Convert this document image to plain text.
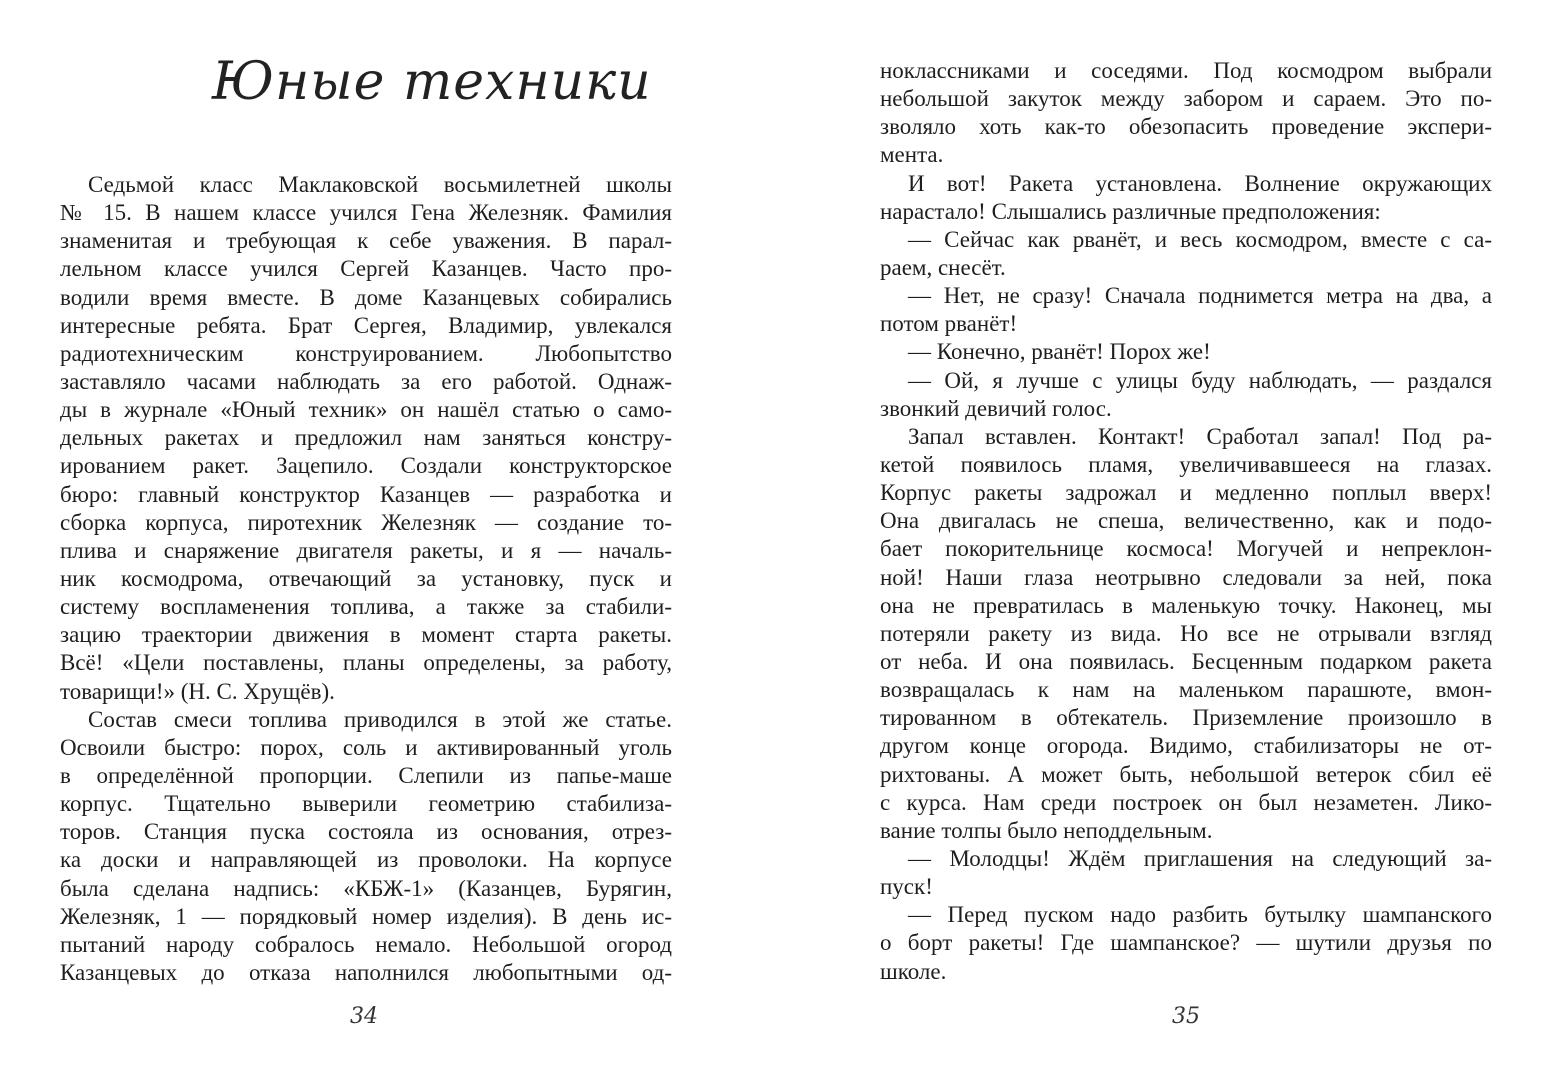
Юные техники
Седьмой класс Маклаковской восьмилетней школы
№ 15. В нашем классе учился Гена Железняк. Фамилия
знаменитая и требующая к себе уважения. В парал-
лельном классе учился Сергей Казанцев. Часто про-
водили время вместе. В доме Казанцевых собирались
интересные ребята. Брат Сергея, Владимир, увлекался
радиотехническим конструированием. Любопытство
заставляло часами наблюдать за его работой. Однаж-
ды в журнале «Юный техник» он нашёл статью о само-
дельных ракетах и предложил нам заняться констру-
ированием ракет. Зацепило. Создали конструкторское
бюро: главный конструктор Казанцев — разработка и
сборка корпуса, пиротехник Железняк — создание то-
плива и снаряжение двигателя ракеты, и я — началь-
ник космодрома, отвечающий за установку, пуск и
систему воспламенения топлива, а также за стабили-
зацию траектории движения в момент старта ракеты.
Всё! «Цели поставлены, планы определены, за работу,
товарищи!» (Н. С. Хрущёв).
Состав смеси топлива приводился в этой же статье.
Освоили быстро: порох, соль и активированный уголь
в определённой пропорции. Слепили из папье-маше
корпус. Тщательно выверили геометрию стабилиза-
торов. Станция пуска состояла из основания, отрез-
ка доски и направляющей из проволоки. На корпусе
была сделана надпись: «КБЖ-1» (Казанцев, Бурягин,
Железняк, 1 — порядковый номер изделия). В день ис-
пытаний народу собралось немало. Небольшой огород
Казанцевых до отказа наполнился любопытными од-
34
ноклассниками и соседями. Под космодром выбрали
небольшой закуток между забором и сараем. Это по-
зволяло хоть как-то обезопасить проведение экспери-
мента.
И вот! Ракета установлена. Волнение окружающих
нарастало! Слышались различные предположения:
— Сейчас как рванёт, и весь космодром, вместе с са-
раем, снесёт.
— Нет, не сразу! Сначала поднимется метра на два, а
потом рванёт!
— Конечно, рванёт! Порох же!
— Ой, я лучше с улицы буду наблюдать, — раздался
звонкий девичий голос.
Запал вставлен. Контакт! Сработал запал! Под ра-
кетой появилось пламя, увеличивавшееся на глазах.
Корпус ракеты задрожал и медленно поплыл вверх!
Она двигалась не спеша, величественно, как и подо-
бает покорительнице космоса! Могучей и непреклон-
ной! Наши глаза неотрывно следовали за ней, пока
она не превратилась в маленькую точку. Наконец, мы
потеряли ракету из вида. Но все не отрывали взгляд
от неба. И она появилась. Бесценным подарком ракета
возвращалась к нам на маленьком парашюте, вмон-
тированном в обтекатель. Приземление произошло в
другом конце огорода. Видимо, стабилизаторы не от-
рихтованы. А может быть, небольшой ветерок сбил её
с курса. Нам среди построек он был незаметен. Лико-
вание толпы было неподдельным.
— Молодцы! Ждём приглашения на следующий за-
пуск!
— Перед пуском надо разбить бутылку шампанского
о борт ракеты! Где шампанское? — шутили друзья по
школе.
35
